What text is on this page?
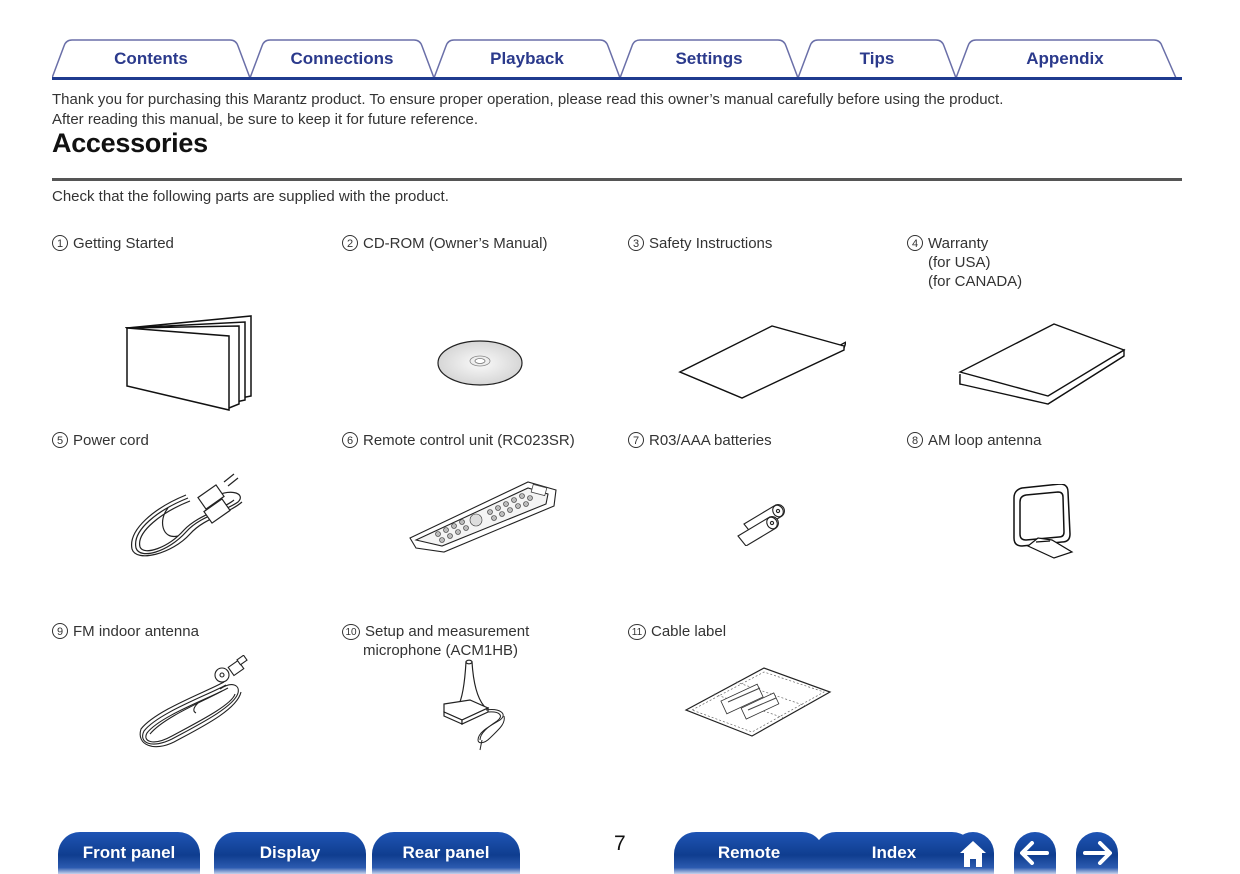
Contents	Connections	Playback	Settings	Tips	Appendix
Thank you for purchasing this Marantz product. To ensure proper operation, please read this owner’s manual carefully before using the product.
After reading this manual, be sure to keep it for future reference.
Accessories
Check that the following parts are supplied with the product.
1 Getting Started	2 CD-ROM (Owner’s Manual)	3 Safety Instructions	4 Warranty
(for USA)
(for CANADA)
5 Power cord	6 Remote control unit (RC023SR)	7 R03/AAA batteries	8 AM loop antenna
9 FM indoor antenna	10 Setup and measurement
microphone (ACM1HB)
11 Cable label
Front panel	Display	Rear panel	7	Remote	Index
